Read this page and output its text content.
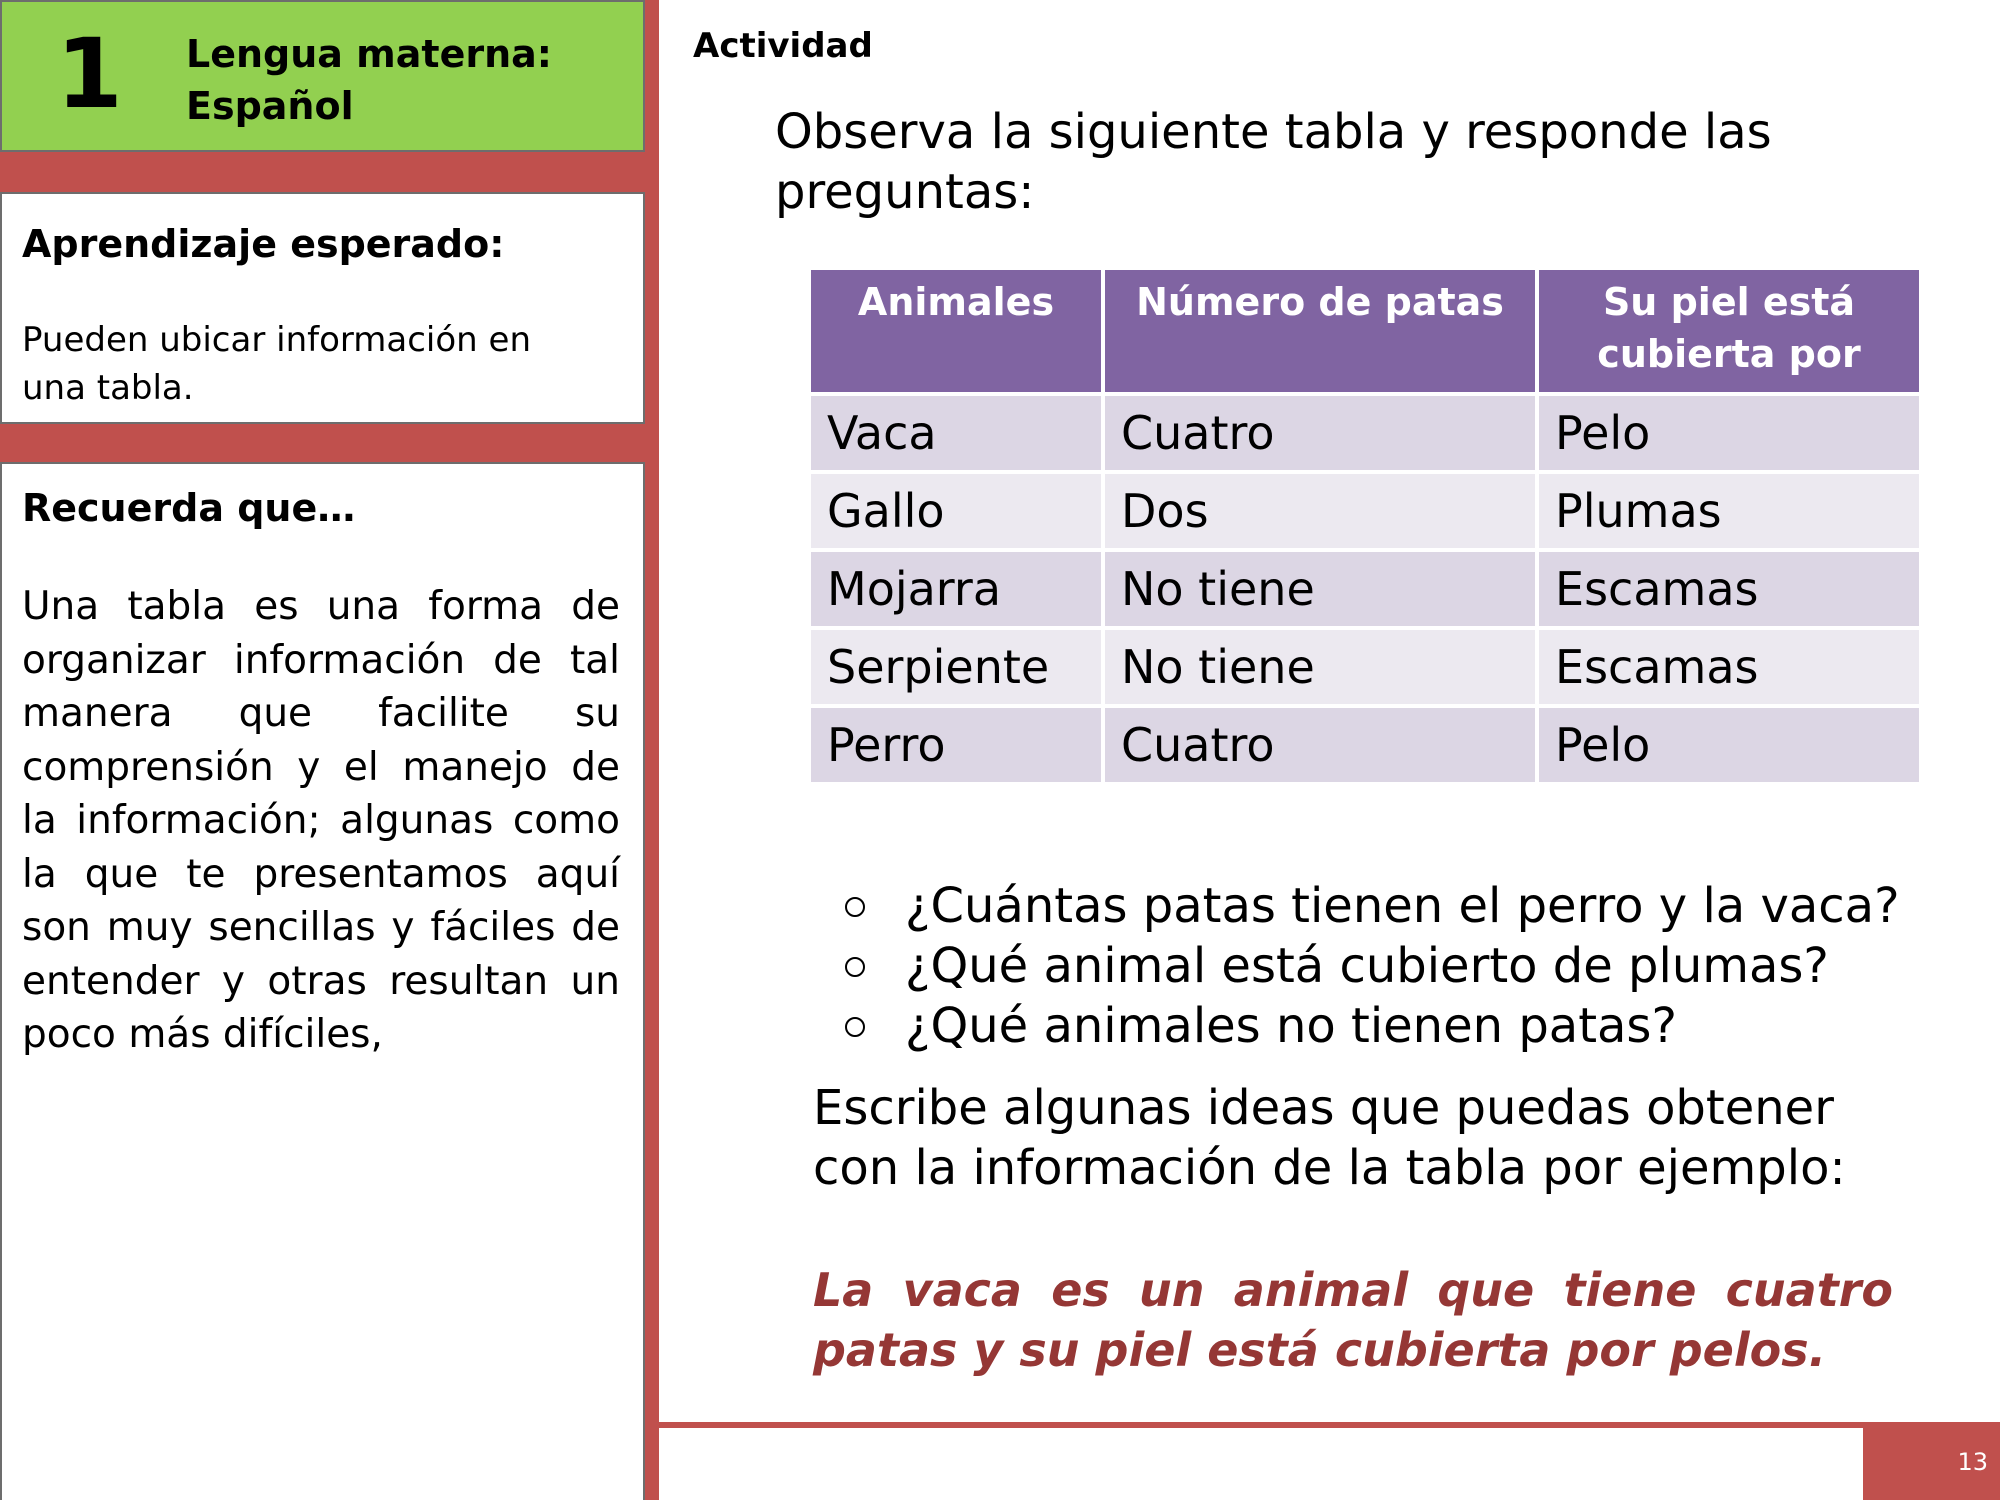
1 Lengua materna:
Español
Aprendizaje esperado:
Pueden ubicar información en una tabla.
Recuerda que…
Una tabla es una forma de organizar información de tal manera que facilite su comprensión y el manejo de la información; algunas como la que te presentamos aquí son muy sencillas y fáciles de entender y otras resultan un poco más difíciles,
Actividad
Observa la siguiente tabla y responde las preguntas:
Animales	Número de patas	Su piel está cubierta por
Vaca	Cuatro	Pelo
Gallo	Dos	Plumas
Mojarra	No tiene	Escamas
Serpiente	No tiene	Escamas
Perro	Cuatro	Pelo
¿Cuántas patas tienen el perro y la vaca?
¿Qué animal está cubierto de plumas?
¿Qué animales no tienen patas?
Escribe algunas ideas que puedas obtener con la información de la tabla por ejemplo:
La vaca es un animal que tiene cuatro patas y su piel está cubierta por pelos.
13
